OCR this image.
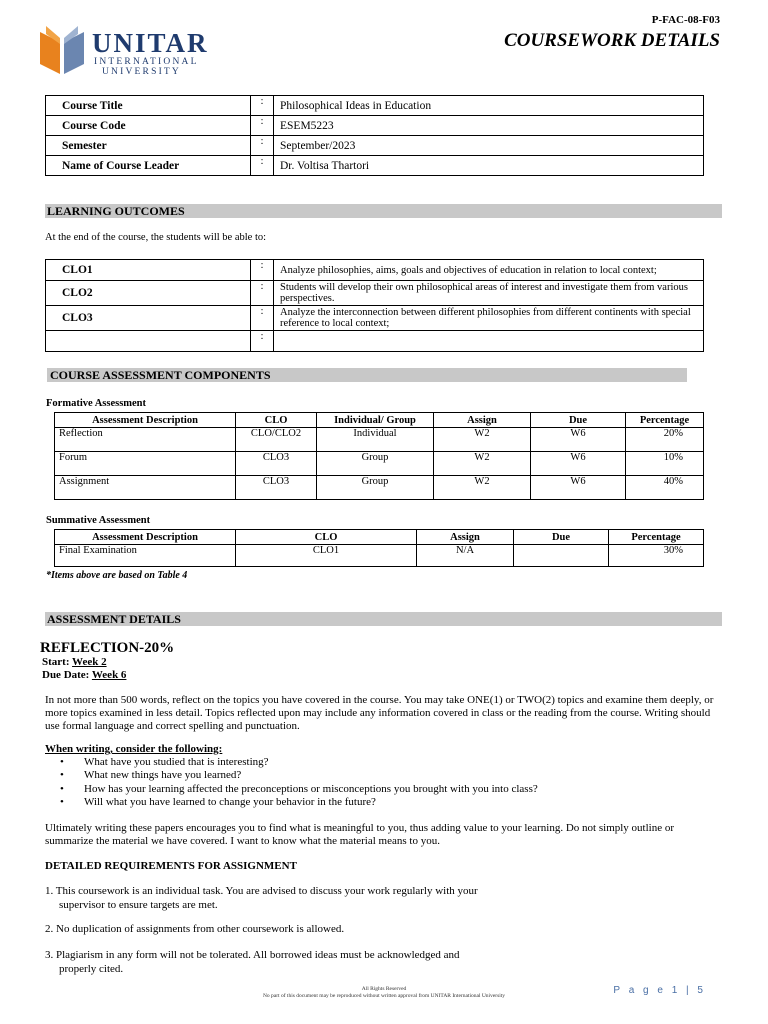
UNITAR
INTERNATIONAL
UNIVERSITY
P-FAC-08-F03
COURSEWORK DETAILS
Course Title	:	Philosophical Ideas in Education
Course Code	:	ESEM5223
Semester	:	September/2023
Name of Course Leader	:	Dr. Voltisa Thartori
LEARNING OUTCOMES
At the end of the course, the students will be able to:
CLO1	:	Analyze philosophies, aims, goals and objectives of education in relation to local context;
CLO2	:	Students will develop their own philosophical areas of interest and investigate them from various perspectives.
CLO3	:	Analyze the interconnection between different philosophies from different continents with special reference to local context;
	:	
COURSE ASSESSMENT COMPONENTS
Formative Assessment
Assessment Description	CLO	Individual/ Group	Assign	Due	Percentage
Reflection	CLO/CLO2	Individual	W2	W6	20%
Forum	CLO3	Group	W2	W6	10%
Assignment	CLO3	Group	W2	W6	40%
Summative Assessment
Assessment Description	CLO	Assign	Due	Percentage
Final Examination	CLO1	N/A		30%
*Items above are based on Table 4
ASSESSMENT DETAILS
REFLECTION-20%
Start: Week 2
Due Date: Week 6
In not more than 500 words, reflect on the topics you have covered in the course. You may take ONE(1) or TWO(2) topics and examine them deeply, or more topics examined in less detail. Topics reflected upon may include any information covered in class or the reading from the course. Writing should use formal language and correct spelling and punctuation.
When writing, consider the following:
• What have you studied that is interesting?
• What new things have you learned?
• How has your learning affected the preconceptions or misconceptions you brought with you into class?
• Will what you have learned to change your behavior in the future?
Ultimately writing these papers encourages you to find what is meaningful to you, thus adding value to your learning. Do not simply outline or summarize the material we have covered. I want to know what the material means to you.
DETAILED REQUIREMENTS FOR ASSIGNMENT
1. This coursework is an individual task. You are advised to discuss your work regularly with your
supervisor to ensure targets are met.
2. No duplication of assignments from other coursework is allowed.
3. Plagiarism in any form will not be tolerated. All borrowed ideas must be acknowledged and
properly cited.
All Rights Reserved
No part of this document may be reproduced without written approval from UNITAR International University	P a g e 1 | 5
